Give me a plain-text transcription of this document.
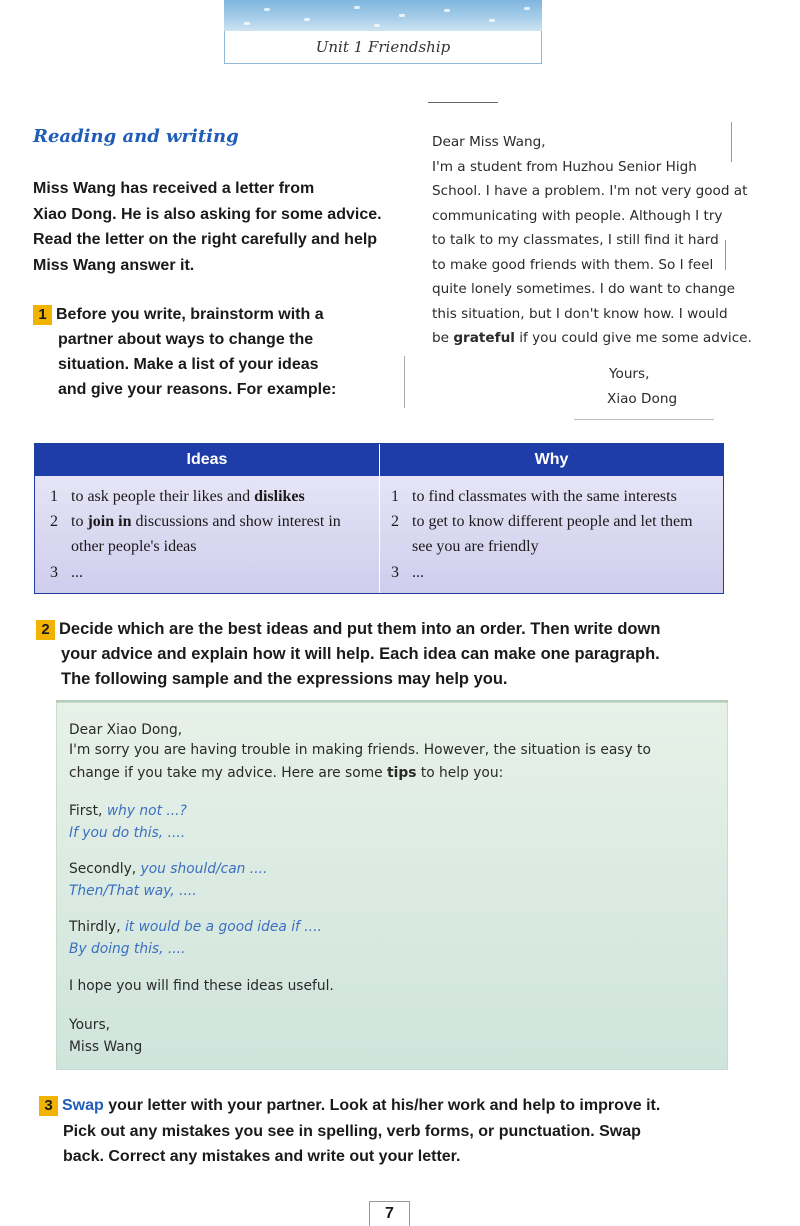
Unit 1 Friendship
Reading and writing
Miss Wang has received a letter from
Xiao Dong. He is also asking for some advice.
Read the letter on the right carefully and help
Miss Wang answer it.
1 Before you write, brainstorm with a
partner about ways to change the
situation. Make a list of your ideas
and give your reasons. For example:
Dear Miss Wang,
I'm a student from Huzhou Senior High
School. I have a problem. I'm not very good at
communicating with people. Although I try
to talk to my classmates, I still find it hard
to make good friends with them. So I feel
quite lonely sometimes. I do want to change
this situation, but I don't know how. I would
be grateful if you could give me some advice.
Yours,
Xiao Dong
Ideas	Why
1 to ask people their likes and dislikes
2 to join in discussions and show interest in
other people's ideas
3 ...
1 to find classmates with the same interests
2 to get to know different people and let them
see you are friendly
3 ...
2 Decide which are the best ideas and put them into an order. Then write down
your advice and explain how it will help. Each idea can make one paragraph.
The following sample and the expressions may help you.
Dear Xiao Dong,
I'm sorry you are having trouble in making friends. However, the situation is easy to
change if you take my advice. Here are some tips to help you:
First, why not ...?
If you do this, ....
Secondly, you should/can ....
Then/That way, ....
Thirdly, it would be a good idea if ....
By doing this, ....
I hope you will find these ideas useful.
Yours,
Miss Wang
3 Swap your letter with your partner. Look at his/her work and help to improve it.
Pick out any mistakes you see in spelling, verb forms, or punctuation. Swap
back. Correct any mistakes and write out your letter.
7
